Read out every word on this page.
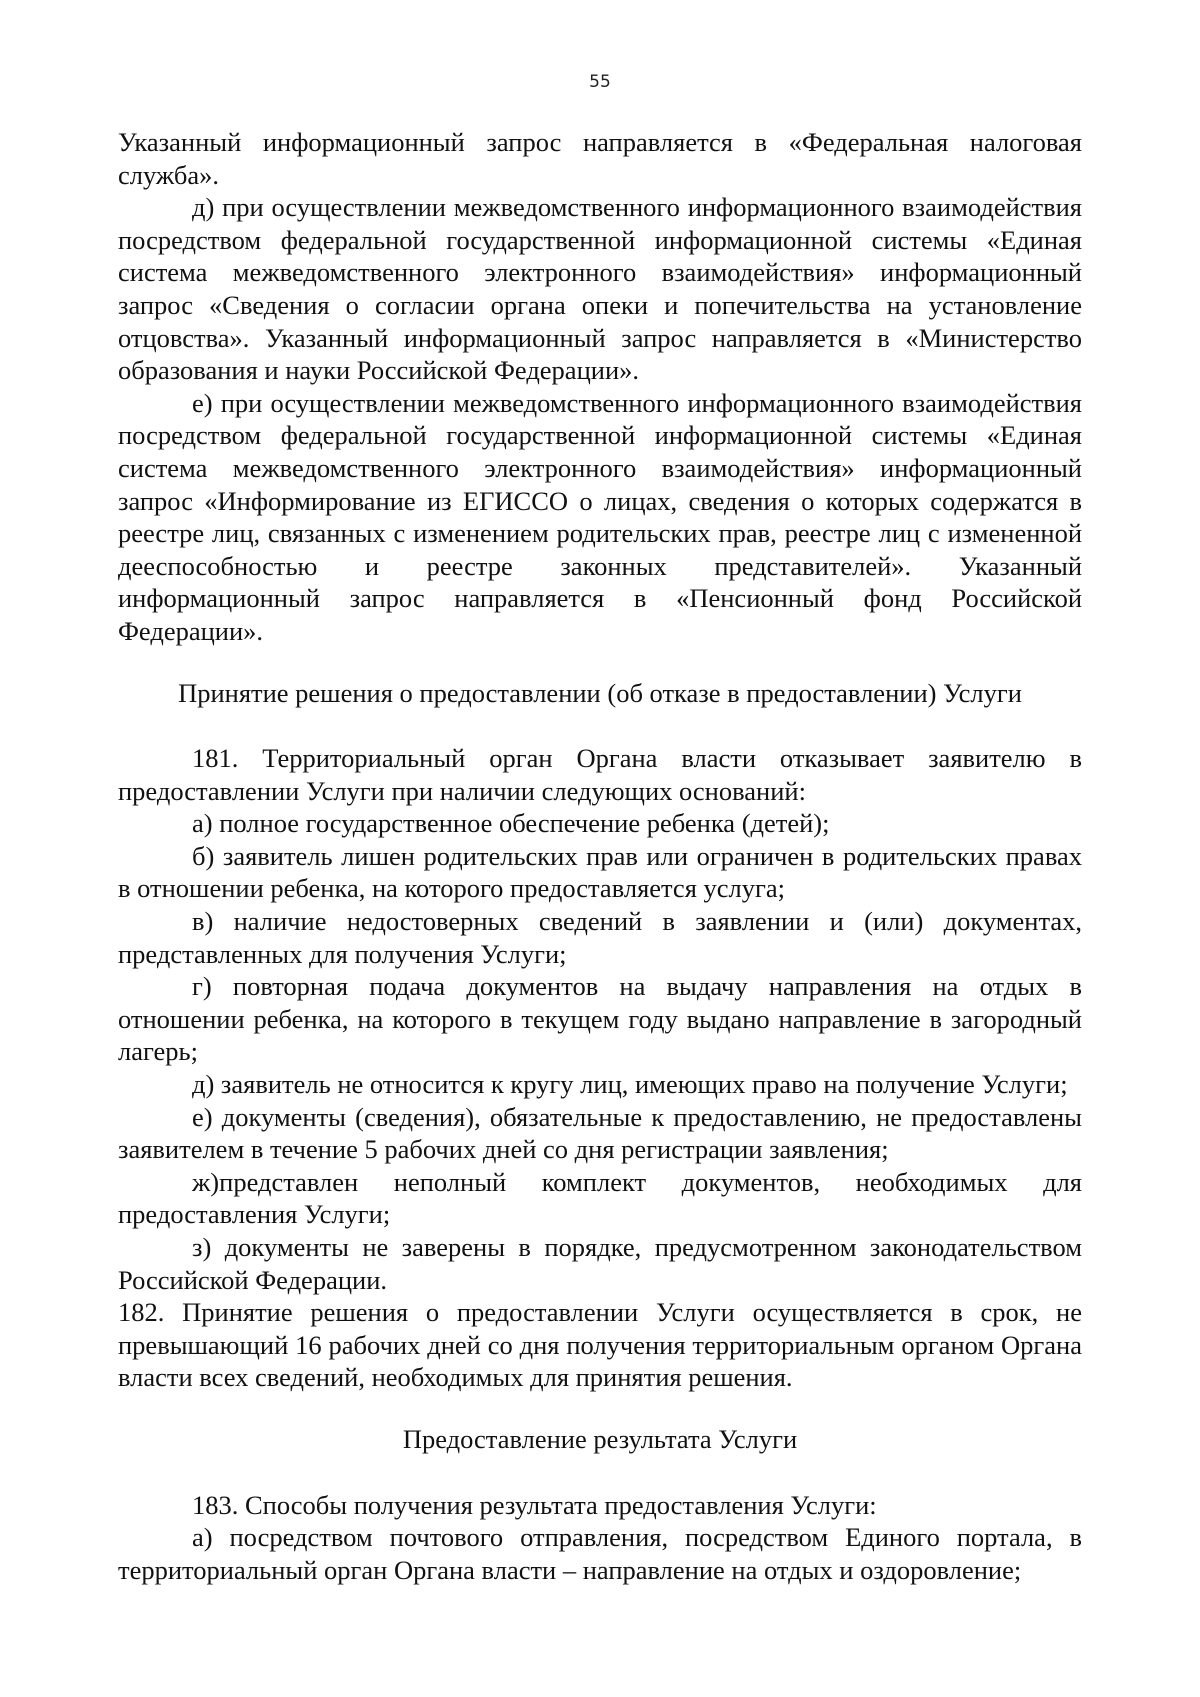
55

Указанный информационный запрос направляется в «Федеральная налоговая служба».

д) при осуществлении межведомственного информационного взаимодействия посредством федеральной государственной информационной системы «Единая система межведомственного электронного взаимодействия» информационный запрос «Сведения о согласии органа опеки и попечительства на установление отцовства». Указанный информационный запрос направляется в «Министерство образования и науки Российской Федерации».

е) при осуществлении межведомственного информационного взаимодействия посредством федеральной государственной информационной системы «Единая система межведомственного электронного взаимодействия» информационный запрос «Информирование из ЕГИССО о лицах, сведения о которых содержатся в реестре лиц, связанных с изменением родительских прав, реестре лиц с измененной дееспособностью и реестре законных представителей». Указанный информационный запрос направляется в «Пенсионный фонд Российской Федерации».

Принятие решения о предоставлении (об отказе в предоставлении) Услуги

181. Территориальный орган Органа власти отказывает заявителю в предоставлении Услуги при наличии следующих оснований:

а) полное государственное обеспечение ребенка (детей);

б) заявитель лишен родительских прав или ограничен в родительских правах в отношении ребенка, на которого предоставляется услуга;

в) наличие недостоверных сведений в заявлении и (или) документах, представленных для получения Услуги;

г) повторная подача документов на выдачу направления на отдых в отношении ребенка, на которого в текущем году выдано направление в загородный лагерь;

д) заявитель не относится к кругу лиц, имеющих право на получение Услуги;

е) документы (сведения), обязательные к предоставлению, не предоставлены заявителем в течение 5 рабочих дней со дня регистрации заявления;

ж)представлен неполный комплект документов, необходимых для предоставления Услуги;

з) документы не заверены в порядке, предусмотренном законодательством Российской Федерации.

182. Принятие решения о предоставлении Услуги осуществляется в срок, не превышающий 16 рабочих дней со дня получения территориальным органом Органа власти всех сведений, необходимых для принятия решения.

Предоставление результата Услуги

183. Способы получения результата предоставления Услуги:

а) посредством почтового отправления, посредством Единого портала, в территориальный орган Органа власти – направление на отдых и оздоровление;
